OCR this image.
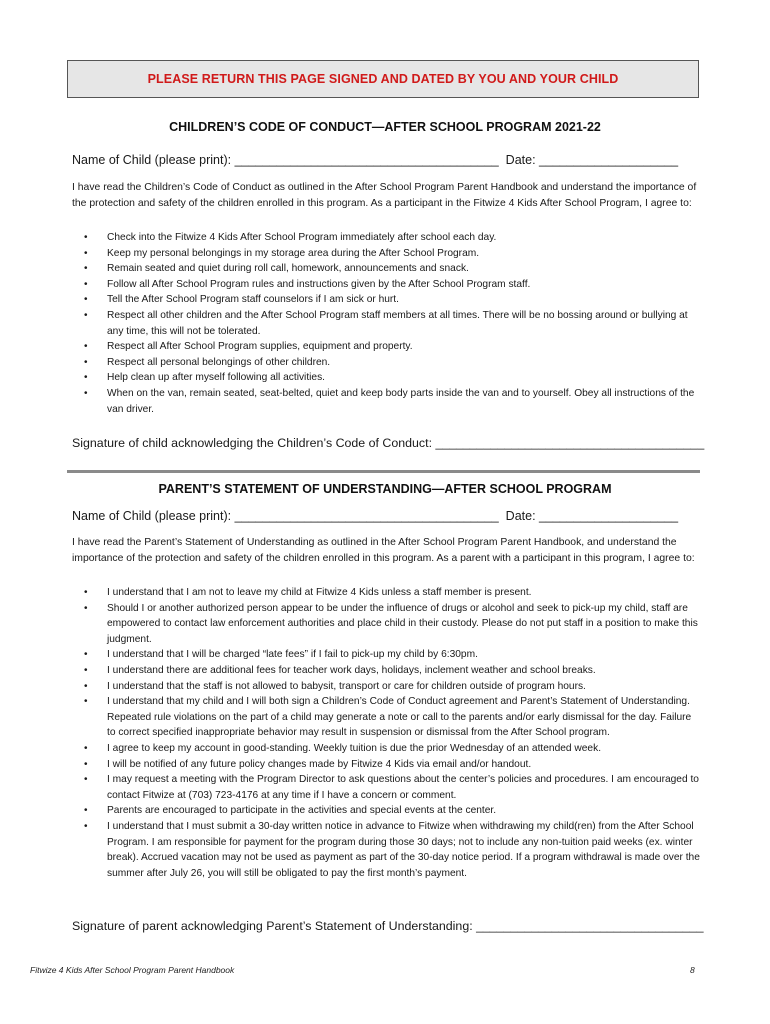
PLEASE RETURN THIS PAGE SIGNED AND DATED BY YOU AND YOUR CHILD
CHILDREN’S CODE OF CONDUCT—AFTER SCHOOL PROGRAM 2021-22
Name of Child (please print): ______________________________________  Date: ____________________
I have read the Children’s Code of Conduct as outlined in the After School Program Parent Handbook and understand the importance of the protection and safety of the children enrolled in this program. As a participant in the Fitwize 4 Kids After School Program, I agree to:
• Check into the Fitwize 4 Kids After School Program immediately after school each day.
• Keep my personal belongings in my storage area during the After School Program.
• Remain seated and quiet during roll call, homework, announcements and snack.
• Follow all After School Program rules and instructions given by the After School Program staff.
• Tell the After School Program staff counselors if I am sick or hurt.
• Respect all other children and the After School Program staff members at all times. There will be no bossing around or bullying at any time, this will not be tolerated.
• Respect all After School Program supplies, equipment and property.
• Respect all personal belongings of other children.
• Help clean up after myself following all activities.
• When on the van, remain seated, seat-belted, quiet and keep body parts inside the van and to yourself. Obey all instructions of the van driver.
Signature of child acknowledging the Children’s Code of Conduct: _______________________________________
PARENT’S STATEMENT OF UNDERSTANDING—AFTER SCHOOL PROGRAM
Name of Child (please print): ______________________________________  Date: ____________________
I have read the Parent’s Statement of Understanding as outlined in the After School Program Parent Handbook, and understand the importance of the protection and safety of the children enrolled in this program. As a parent with a participant in this program, I agree to:
• I understand that I am not to leave my child at Fitwize 4 Kids unless a staff member is present.
• Should I or another authorized person appear to be under the influence of drugs or alcohol and seek to pick-up my child, staff are empowered to contact law enforcement authorities and place child in their custody. Please do not put staff in a position to make this judgment.
• I understand that I will be charged “late fees” if I fail to pick-up my child by 6:30pm.
• I understand there are additional fees for teacher work days, holidays, inclement weather and school breaks.
• I understand that the staff is not allowed to babysit, transport or care for children outside of program hours.
• I understand that my child and I will both sign a Children’s Code of Conduct agreement and Parent’s Statement of Understanding. Repeated rule violations on the part of a child may generate a note or call to the parents and/or early dismissal for the day. Failure to correct specified inappropriate behavior may result in suspension or dismissal from the After School program.
• I agree to keep my account in good-standing. Weekly tuition is due the prior Wednesday of an attended week.
• I will be notified of any future policy changes made by Fitwize 4 Kids via email and/or handout.
• I may request a meeting with the Program Director to ask questions about the center’s policies and procedures. I am encouraged to contact Fitwize at (703) 723-4176 at any time if I have a concern or comment.
• Parents are encouraged to participate in the activities and special events at the center.
• I understand that I must submit a 30-day written notice in advance to Fitwize when withdrawing my child(ren) from the After School Program. I am responsible for payment for the program during those 30 days; not to include any non-tuition paid weeks (ex. winter break). Accrued vacation may not be used as payment as part of the 30-day notice period. If a program withdrawal is made over the summer after July 26, you will still be obligated to pay the first month’s payment.
Signature of parent acknowledging Parent’s Statement of Understanding: _________________________________
Fitwize 4 Kids After School Program Parent Handbook	8
